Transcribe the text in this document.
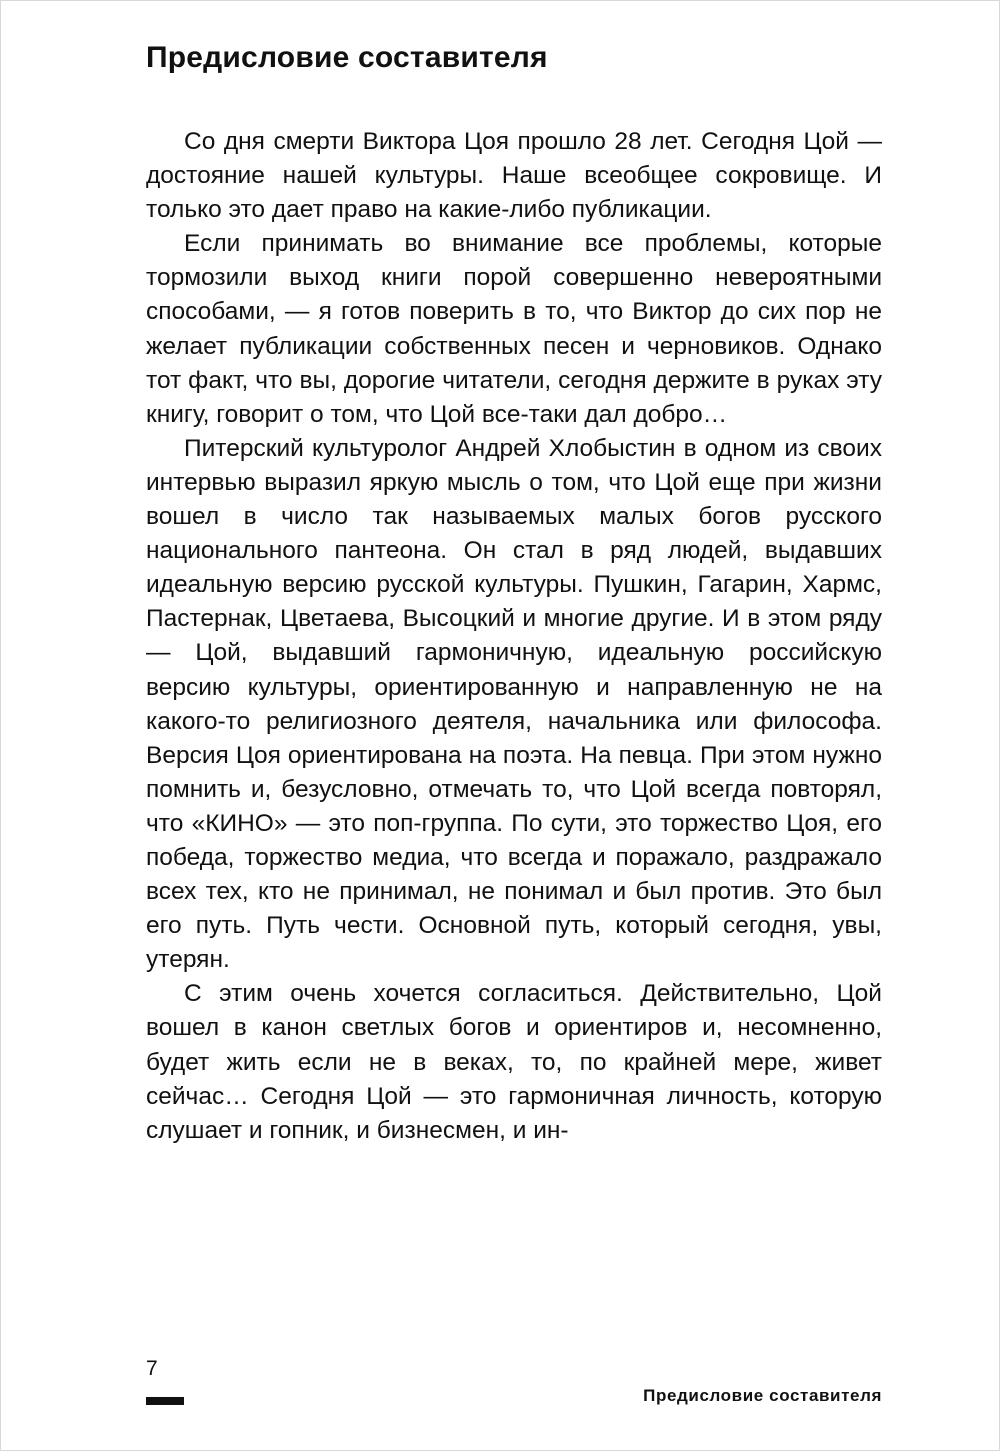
Предисловие составителя

Со дня смерти Виктора Цоя прошло 28 лет. Сегодня Цой — достояние нашей культуры. Наше всеобщее сокровище. И только это дает право на какие-либо публикации.

Если принимать во внимание все проблемы, которые тормозили выход книги порой совершенно невероятными способами, — я готов поверить в то, что Виктор до сих пор не желает публикации собственных песен и черновиков. Однако тот факт, что вы, дорогие читатели, сегодня держите в руках эту книгу, говорит о том, что Цой все-таки дал добро…

Питерский культуролог Андрей Хлобыстин в одном из своих интервью выразил яркую мысль о том, что Цой еще при жизни вошел в число так называемых малых богов русского национального пантеона. Он стал в ряд людей, выдавших идеальную версию русской культуры. Пушкин, Гагарин, Хармс, Пастернак, Цветаева, Высоцкий и многие другие. И в этом ряду — Цой, выдавший гармоничную, идеальную российскую версию культуры, ориентированную и направленную не на какого-то религиозного деятеля, начальника или философа. Версия Цоя ориентирована на поэта. На певца. При этом нужно помнить и, безусловно, отмечать то, что Цой всегда повторял, что «КИНО» — это поп-группа. По сути, это торжество Цоя, его победа, торжество медиа, что всегда и поражало, раздражало всех тех, кто не принимал, не понимал и был против. Это был его путь. Путь чести. Основной путь, который сегодня, увы, утерян.

С этим очень хочется согласиться. Действительно, Цой вошел в канон светлых богов и ориентиров и, несомненно, будет жить если не в веках, то, по крайней мере, живет сейчас… Сегодня Цой — это гармоничная личность, которую слушает и гопник, и бизнесмен, и ин-

7
Предисловие составителя
